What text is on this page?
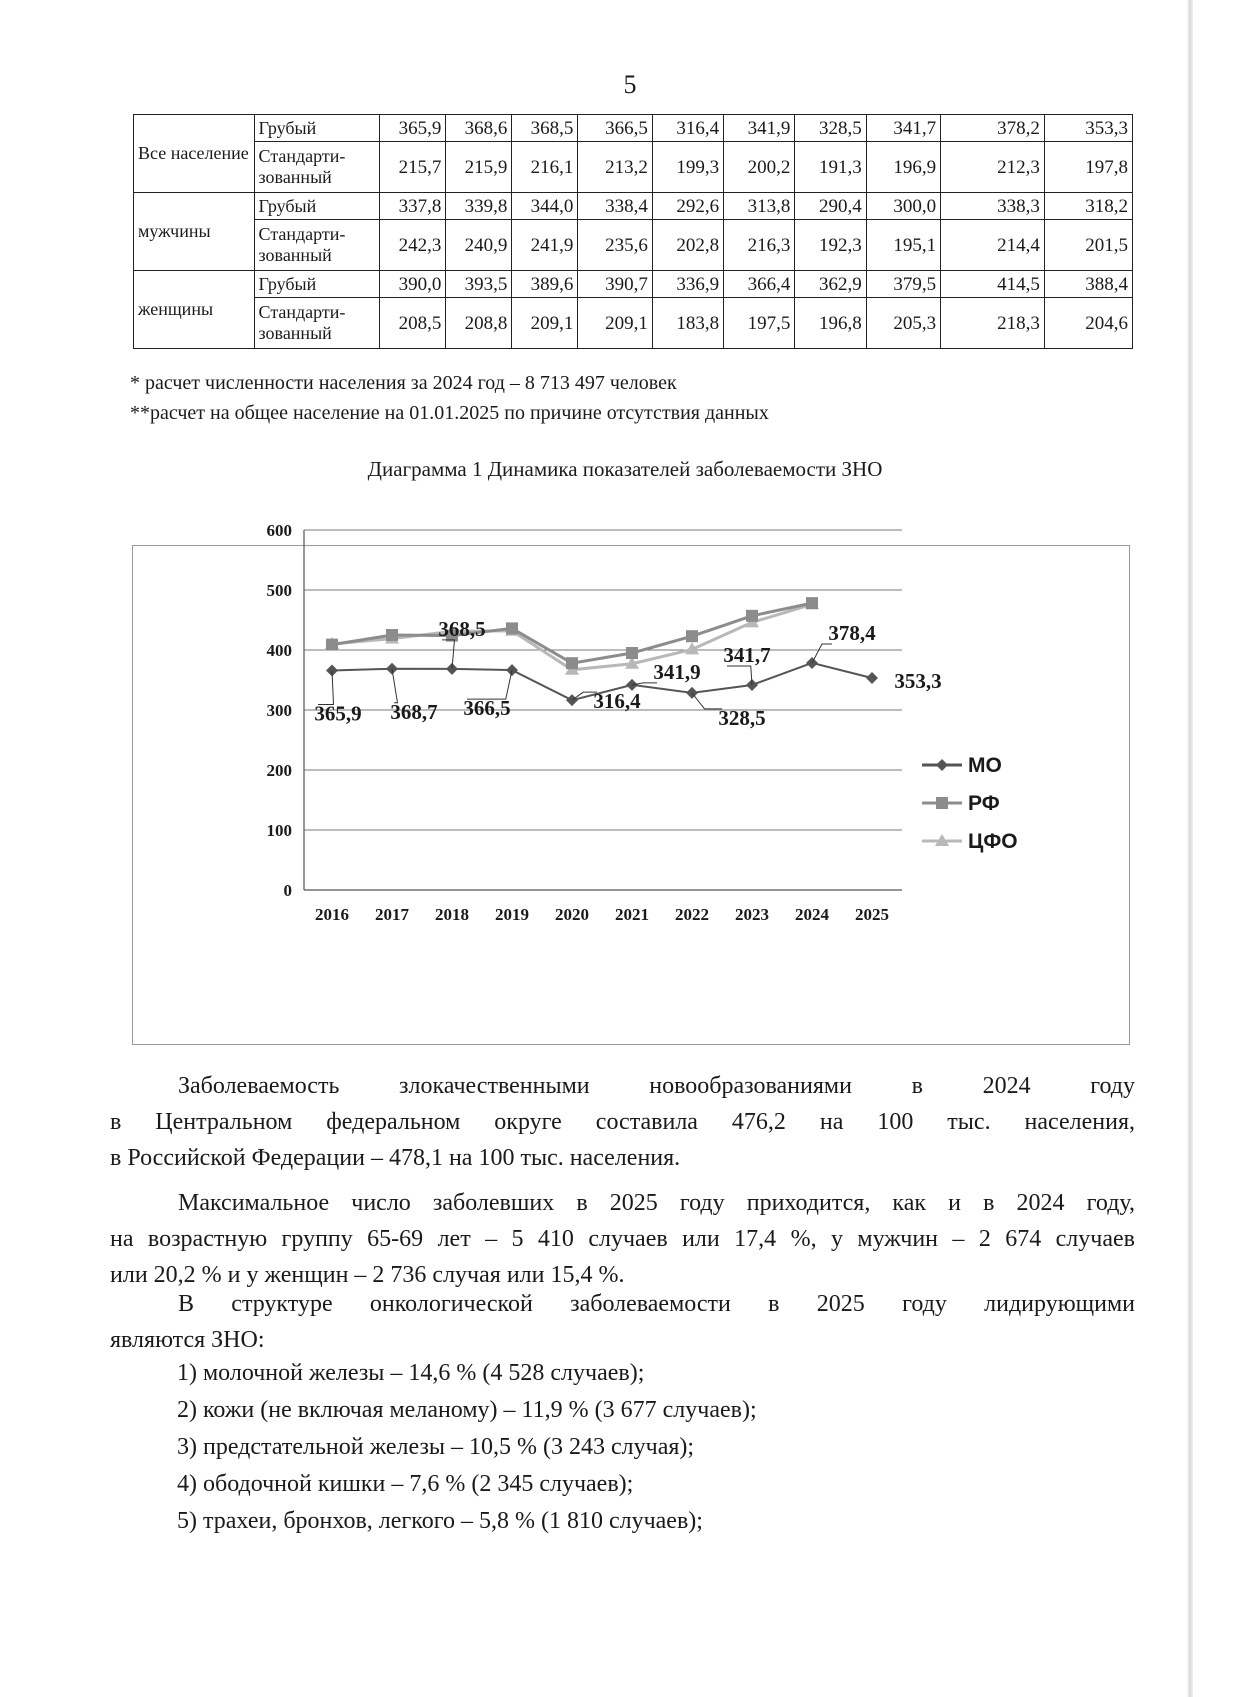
5
Все население	Грубый	365,9	368,6	368,5	366,5	316,4	341,9	328,5	341,7	378,2	353,3
	Стандарти-зованный	215,7	215,9	216,1	213,2	199,3	200,2	191,3	196,9	212,3	197,8
мужчины	Грубый	337,8	339,8	344,0	338,4	292,6	313,8	290,4	300,0	338,3	318,2
	Стандарти-зованный	242,3	240,9	241,9	235,6	202,8	216,3	192,3	195,1	214,4	201,5
женщины	Грубый	390,0	393,5	389,6	390,7	336,9	366,4	362,9	379,5	414,5	388,4
	Стандарти-зованный	208,5	208,8	209,1	209,1	183,8	197,5	196,8	205,3	218,3	204,6
* расчет численности населения за 2024 год – 8 713 497 человек
**расчет на общее население на 01.01.2025 по причине отсутствия данных
Диаграмма 1 Динамика показателей заболеваемости ЗНО
0
100
200
300
400
500
600
2016 2017 2018 2019 2020 2021 2022 2023 2024 2025
365,9 368,7
368,5
366,5	316,4
341,9
328,5
341,7
378,4
353,3
МО
РФ
ЦФО
Заболеваемость злокачественными новообразованиями в 2024 году
в Центральном федеральном округе составила 476,2 на 100 тыс. населения,
в Российской Федерации – 478,1 на 100 тыс. населения.
Максимальное число заболевших в 2025 году приходится, как и в 2024 году,
на возрастную группу 65-69 лет – 5 410 случаев или 17,4 %, у мужчин – 2 674 случаев
или 20,2 % и у женщин – 2 736 случая или 15,4 %.
В структуре онкологической заболеваемости в 2025 году лидирующими
являются ЗНО:
1) молочной железы – 14,6 % (4 528 случаев);
2) кожи (не включая меланому) – 11,9 % (3 677 случаев);
3) предстательной железы – 10,5 % (3 243 случая);
4) ободочной кишки – 7,6 % (2 345 случаев);
5) трахеи, бронхов, легкого – 5,8 % (1 810 случаев);
